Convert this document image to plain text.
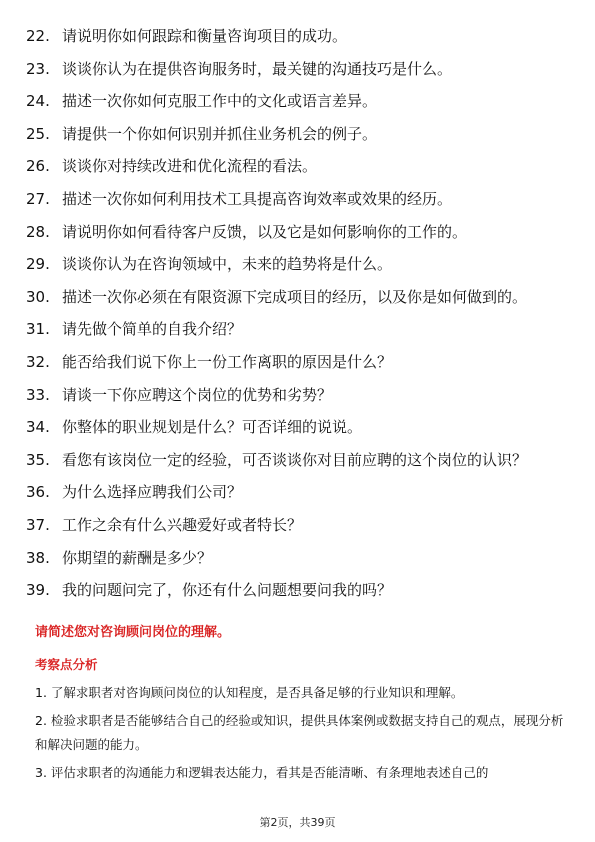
22. 请说明你如何跟踪和衡量咨询项目的成功。
23. 谈谈你认为在提供咨询服务时，最关键的沟通技巧是什么。
24. 描述一次你如何克服工作中的文化或语言差异。
25. 请提供一个你如何识别并抓住业务机会的例子。
26. 谈谈你对持续改进和优化流程的看法。
27. 描述一次你如何利用技术工具提高咨询效率或效果的经历。
28. 请说明你如何看待客户反馈，以及它是如何影响你的工作的。
29. 谈谈你认为在咨询领域中，未来的趋势将是什么。
30. 描述一次你必须在有限资源下完成项目的经历，以及你是如何做到的。
31. 请先做个简单的自我介绍？
32. 能否给我们说下你上一份工作离职的原因是什么？
33. 请谈一下你应聘这个岗位的优势和劣势？
34. 你整体的职业规划是什么？可否详细的说说。
35. 看您有该岗位一定的经验，可否谈谈你对目前应聘的这个岗位的认识？
36. 为什么选择应聘我们公司？
37. 工作之余有什么兴趣爱好或者特长？
38. 你期望的薪酬是多少？
39. 我的问题问完了，你还有什么问题想要问我的吗？
请简述您对咨询顾问岗位的理解。
考察点分析
1. 了解求职者对咨询顾问岗位的认知程度，是否具备足够的行业知识和理解。
2. 检验求职者是否能够结合自己的经验或知识，提供具体案例或数据支持自己的观点，展现分析和解决问题的能力。
3. 评估求职者的沟通能力和逻辑表达能力，看其是否能清晰、有条理地表述自己的
第2页，共39页
